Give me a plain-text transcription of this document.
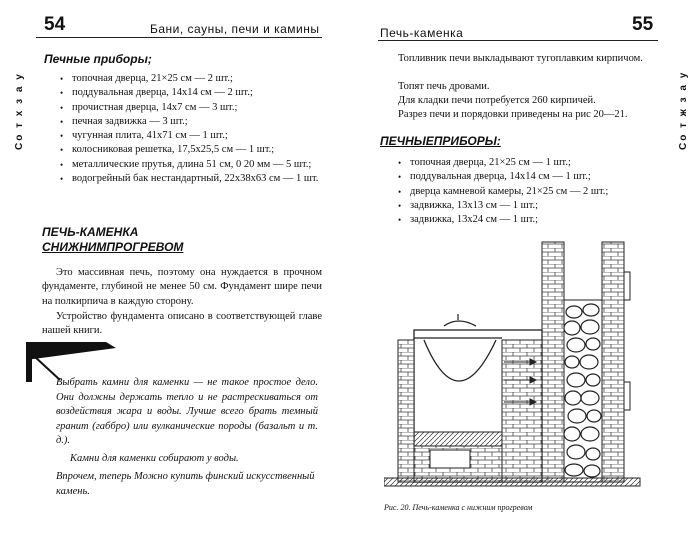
54	Бани, сауны, печи и камины
Со т х з а у
Печные приборы;
• топочная дверца, 21×25 см — 2 шт.;
• поддувальная дверца, 14х14 см — 2 шт.;
• прочистная дверца, 14х7 см — 3 шт.;
• печная задвижка — 3 шт.;
• чугунная плита, 41х71 см — 1 шт.;
• колосниковая решетка, 17,5х25,5 см — 1 шт.;
• металлические прутья, длина 51 см, 0 20 мм — 5 шт.;
• водогрейный бак нестандартный, 22х38х63 см — 1 шт.
ПЕЧЬ-КАМЕНКА
СНИЖНИМПРОГРЕВОМ

Это массивная печь, поэтому она нуждается в прочном фундаменте, глубиной не менее 50 см. Фундамент шире печи на полкирпича в каждую сторону.

Устройство фундамента описано в соответствующей главе нашей книги.

Выбрать камни для каменки — не такое простое дело. Они должны держать тепло и не растрескиваться от воздействия жара и воды. Лучше всего брать темный гранит (габбро) или вулканические породы (базальт и т. д.).
Камни для каменки собирают у воды.
Впрочем, теперь Можно купить финский искусственный камень.
Печь-каменка	55
Со т ж з а у

Топливник печи выкладывают тугоплавким кирпичом.

Топят печь дровами.

Для кладки печи потребуется 260 кирпичей.

Разрез печи и порядовки приведены на рис 20—21.

ПЕЧНЫЕПРИБОРЫ:
• топочная дверца, 21×25 см — 1 шт.;
• поддувальная дверца, 14х14 см — 1 шт.;
• дверца камневой камеры, 21×25 см — 2 шт.;
• задвижка, 13х13 см — 1 шт.;
• задвижка, 13х24 см — 1 шт.;
Рис. 20. Печь-каменка с нижним прогревом
